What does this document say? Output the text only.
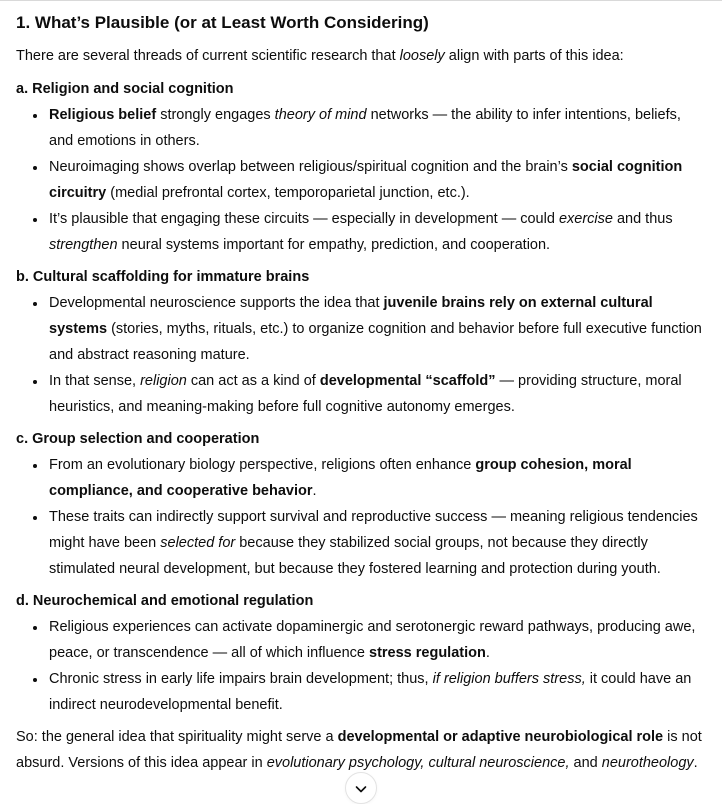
1. What’s Plausible (or at Least Worth Considering)

There are several threads of current scientific research that loosely align with parts of this idea:

a. Religion and social cognition

• Religious belief strongly engages theory of mind networks — the ability to infer intentions, beliefs, and emotions in others.
• Neuroimaging shows overlap between religious/spiritual cognition and the brain’s social cognition circuitry (medial prefrontal cortex, temporoparietal junction, etc.).
• It’s plausible that engaging these circuits — especially in development — could exercise and thus strengthen neural systems important for empathy, prediction, and cooperation.

b. Cultural scaffolding for immature brains

• Developmental neuroscience supports the idea that juvenile brains rely on external cultural systems (stories, myths, rituals, etc.) to organize cognition and behavior before full executive function and abstract reasoning mature.
• In that sense, religion can act as a kind of developmental “scaffold” — providing structure, moral heuristics, and meaning-making before full cognitive autonomy emerges.

c. Group selection and cooperation

• From an evolutionary biology perspective, religions often enhance group cohesion, moral compliance, and cooperative behavior.
• These traits can indirectly support survival and reproductive success — meaning religious tendencies might have been selected for because they stabilized social groups, not because they directly stimulated neural development, but because they fostered learning and protection during youth.

d. Neurochemical and emotional regulation

• Religious experiences can activate dopaminergic and serotonergic reward pathways, producing awe, peace, or transcendence — all of which influence stress regulation.
• Chronic stress in early life impairs brain development; thus, if religion buffers stress, it could have an indirect neurodevelopmental benefit.

So: the general idea that spirituality might serve a developmental or adaptive neurobiological role is not absurd. Versions of this idea appear in evolutionary psychology, cultural neuroscience, and neurotheology.
